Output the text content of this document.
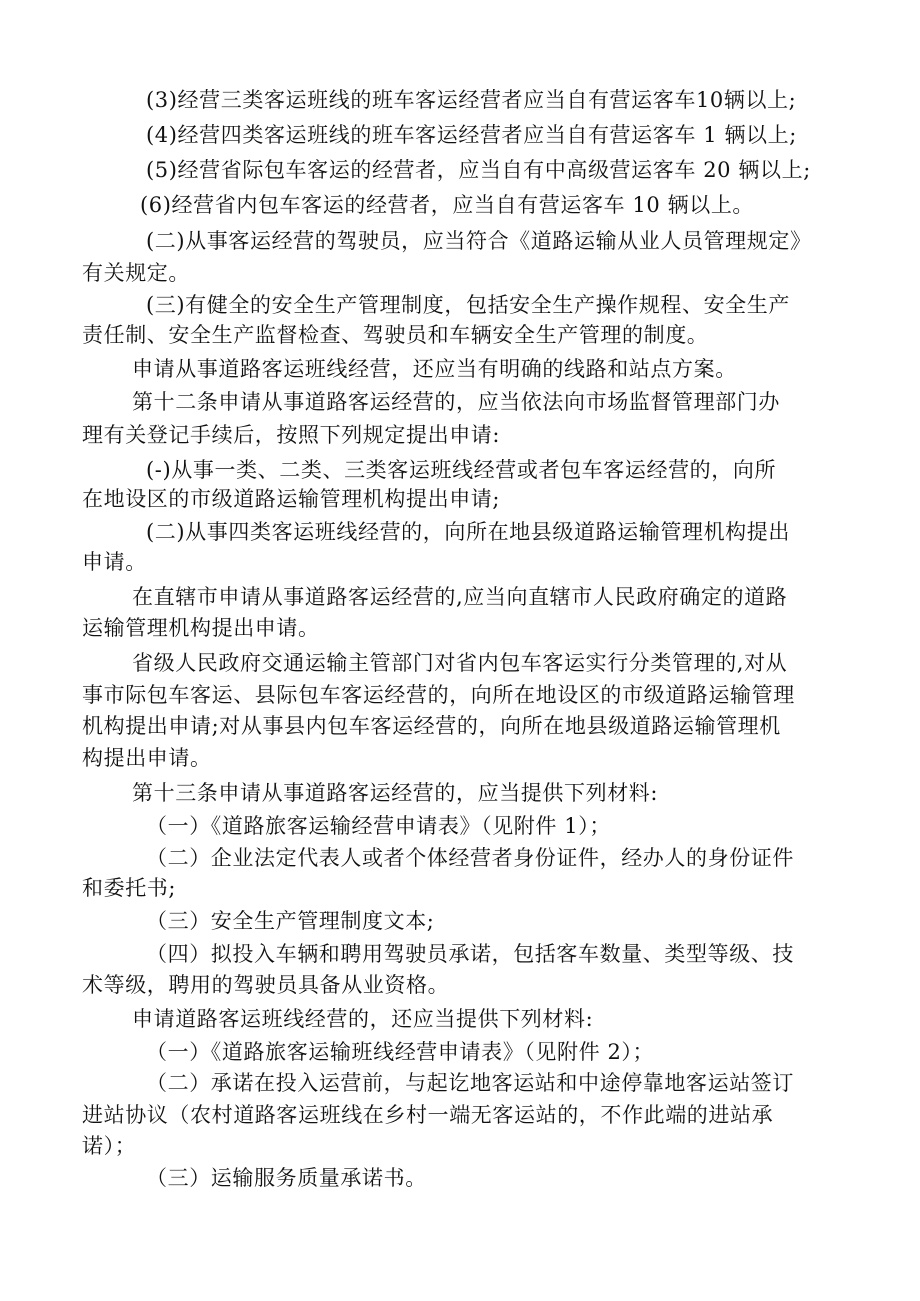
(3)经营三类客运班线的班车客运经营者应当自有营运客车10辆以上;
(4)经营四类客运班线的班车客运经营者应当自有营运客车 1 辆以上;
(5)经营省际包车客运的经营者，应当自有中高级营运客车 20 辆以上;
(6)经营省内包车客运的经营者，应当自有营运客车 10 辆以上。
(二)从事客运经营的驾驶员，应当符合《道路运输从业人员管理规定》
有关规定。
(三)有健全的安全生产管理制度，包括安全生产操作规程、安全生产
责任制、安全生产监督检查、驾驶员和车辆安全生产管理的制度。
申请从事道路客运班线经营，还应当有明确的线路和站点方案。
第十二条申请从事道路客运经营的，应当依法向市场监督管理部门办
理有关登记手续后，按照下列规定提出申请:
(-)从事一类、二类、三类客运班线经营或者包车客运经营的，向所
在地设区的市级道路运输管理机构提出申请;
(二)从事四类客运班线经营的，向所在地县级道路运输管理机构提出
申请。
在直辖市申请从事道路客运经营的,应当向直辖市人民政府确定的道路
运输管理机构提出申请。
省级人民政府交通运输主管部门对省内包车客运实行分类管理的,对从
事市际包车客运、县际包车客运经营的，向所在地设区的市级道路运输管理
机构提出申请;对从事县内包车客运经营的，向所在地县级道路运输管理机
构提出申请。
第十三条申请从事道路客运经营的，应当提供下列材料:
（一）《道路旅客运输经营申请表》（见附件 1）；
（二）企业法定代表人或者个体经营者身份证件，经办人的身份证件
和委托书;
（三）安全生产管理制度文本;
（四）拟投入车辆和聘用驾驶员承诺，包括客车数量、类型等级、技
术等级，聘用的驾驶员具备从业资格。
申请道路客运班线经营的，还应当提供下列材料:
（一）《道路旅客运输班线经营申请表》（见附件 2）；
（二）承诺在投入运营前，与起讫地客运站和中途停靠地客运站签订
进站协议（农村道路客运班线在乡村一端无客运站的，不作此端的进站承
诺）；
（三）运输服务质量承诺书。
